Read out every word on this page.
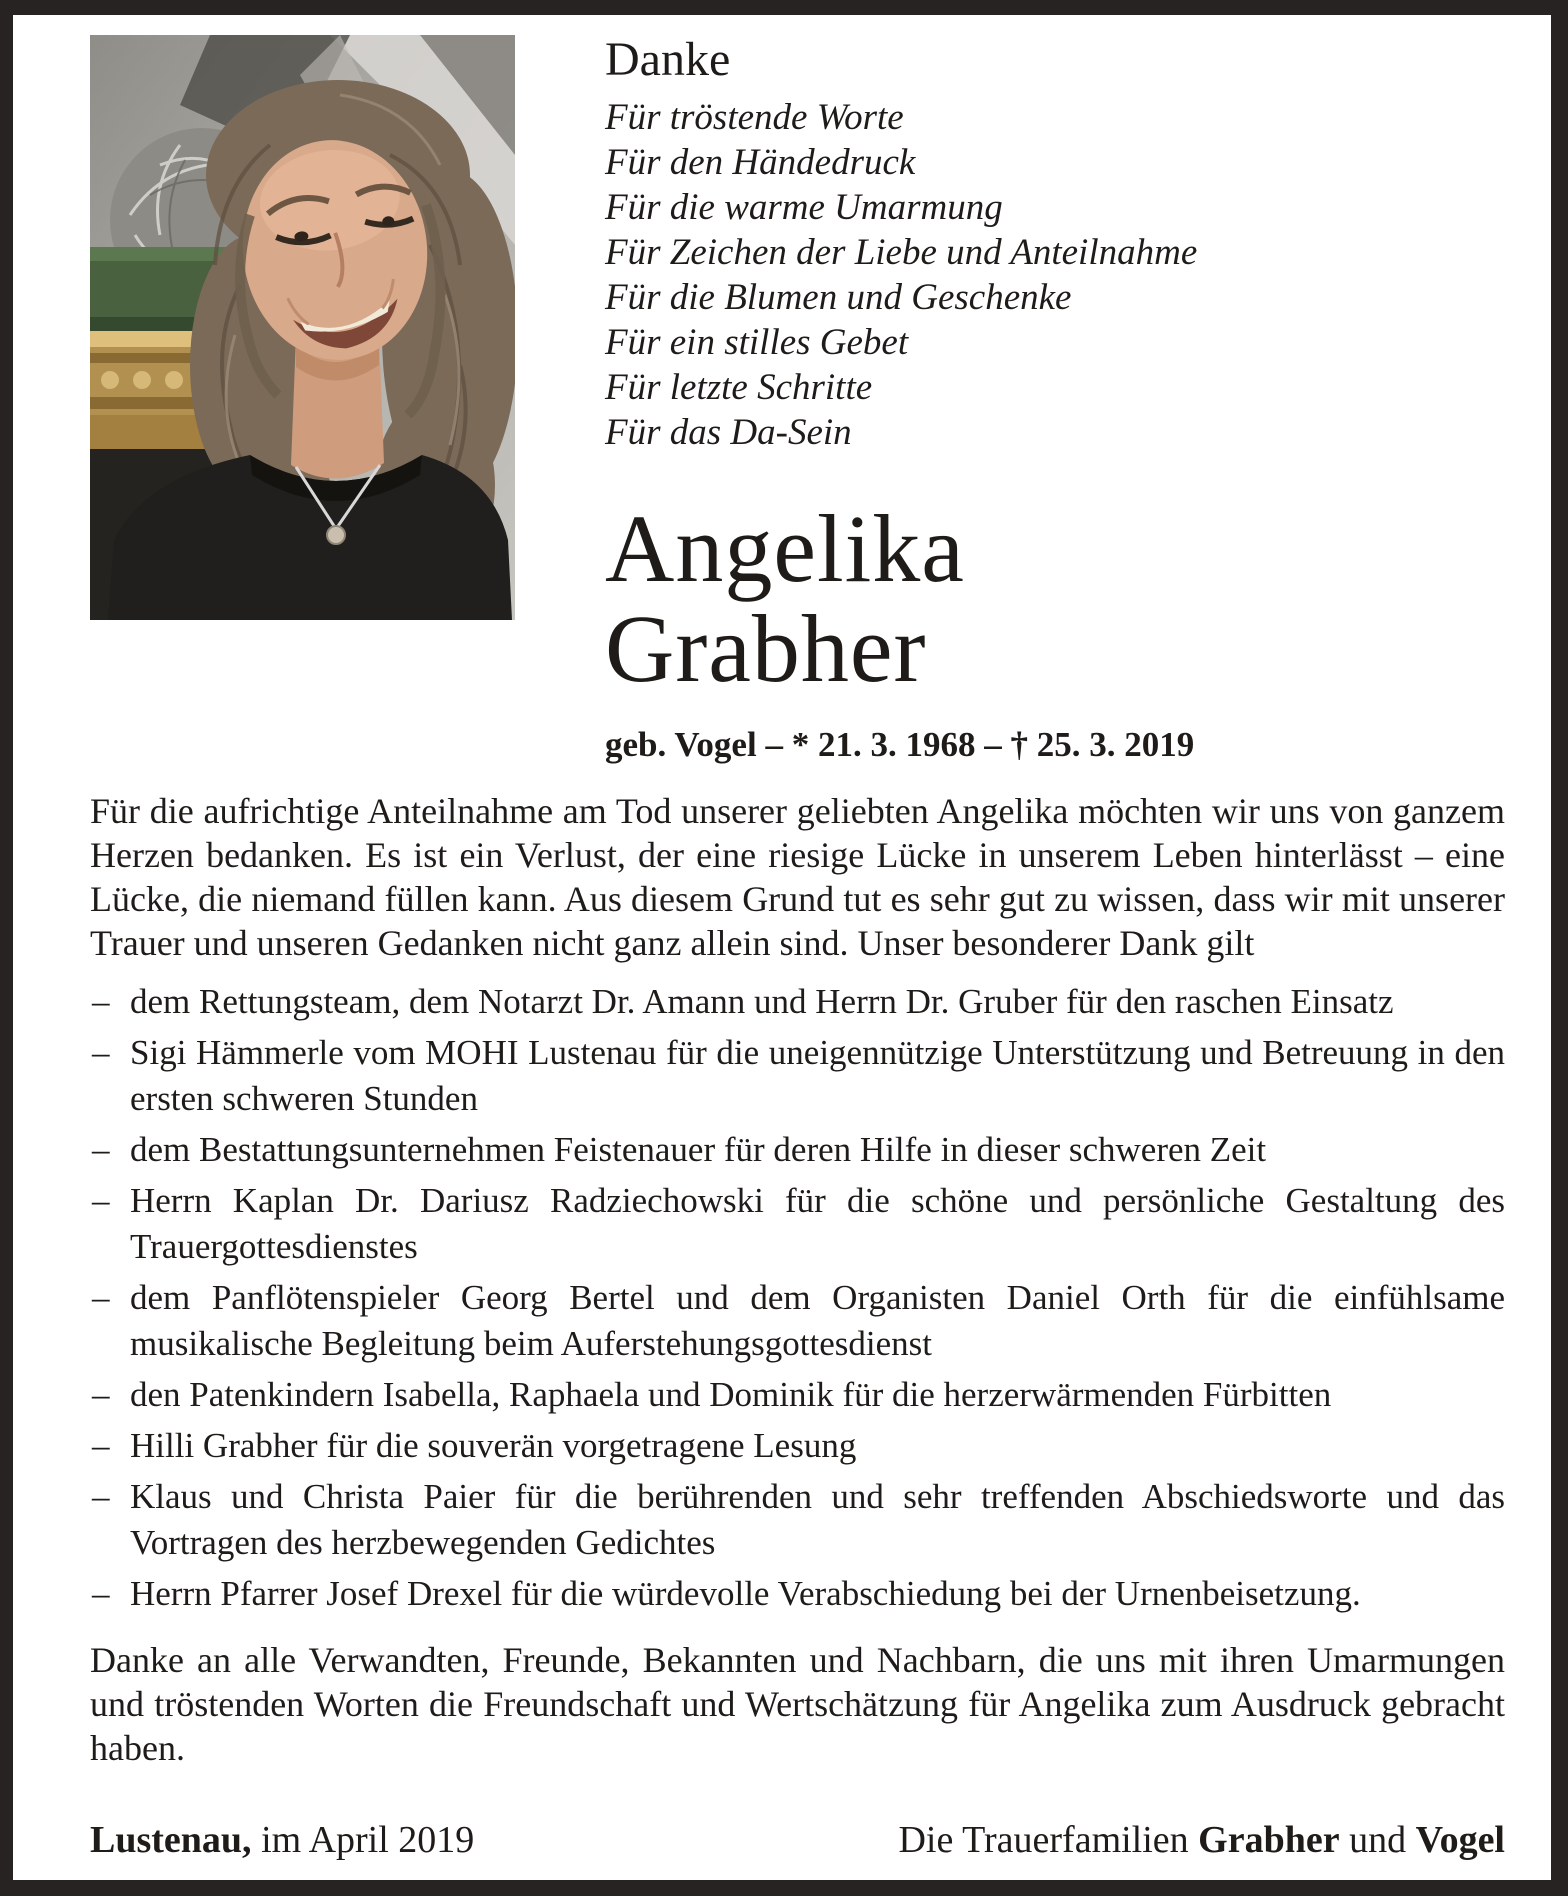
Danke
Für tröstende Worte
Für den Händedruck
Für die warme Umarmung
Für Zeichen der Liebe und Anteilnahme
Für die Blumen und Geschenke
Für ein stilles Gebet
Für letzte Schritte
Für das Da-Sein
Angelika
Grabher
geb. Vogel – * 21. 3. 1968 – † 25. 3. 2019

Für die aufrichtige Anteilnahme am Tod unserer geliebten Angelika möchten wir uns von ganzem Herzen bedanken. Es ist ein Verlust, der eine riesige Lücke in unserem Leben hinterlässt – eine Lücke, die niemand füllen kann. Aus diesem Grund tut es sehr gut zu wissen, dass wir mit unserer Trauer und unseren Gedanken nicht ganz allein sind. Unser besonderer Dank gilt

– dem Rettungsteam, dem Notarzt Dr. Amann und Herrn Dr. Gruber für den raschen Einsatz
– Sigi Hämmerle vom MOHI Lustenau für die uneigennützige Unterstützung und Betreuung in den ersten schweren Stunden
– dem Bestattungsunternehmen Feistenauer für deren Hilfe in dieser schweren Zeit
– Herrn Kaplan Dr. Dariusz Radziechowski für die schöne und persönliche Gestaltung des Trauergottesdienstes
– dem Panflötenspieler Georg Bertel und dem Organisten Daniel Orth für die einfühlsame musikalische Begleitung beim Auferstehungsgottesdienst
– den Patenkindern Isabella, Raphaela und Dominik für die herzerwärmenden Fürbitten
– Hilli Grabher für die souverän vorgetragene Lesung
– Klaus und Christa Paier für die berührenden und sehr treffenden Abschiedsworte und das Vortragen des herzbewegenden Gedichtes
– Herrn Pfarrer Josef Drexel für die würdevolle Verabschiedung bei der Urnenbeisetzung.

Danke an alle Verwandten, Freunde, Bekannten und Nachbarn, die uns mit ihren Umarmungen und tröstenden Worten die Freundschaft und Wertschätzung für Angelika zum Ausdruck gebracht haben.

Lustenau, im April 2019	Die Trauerfamilien Grabher und Vogel
